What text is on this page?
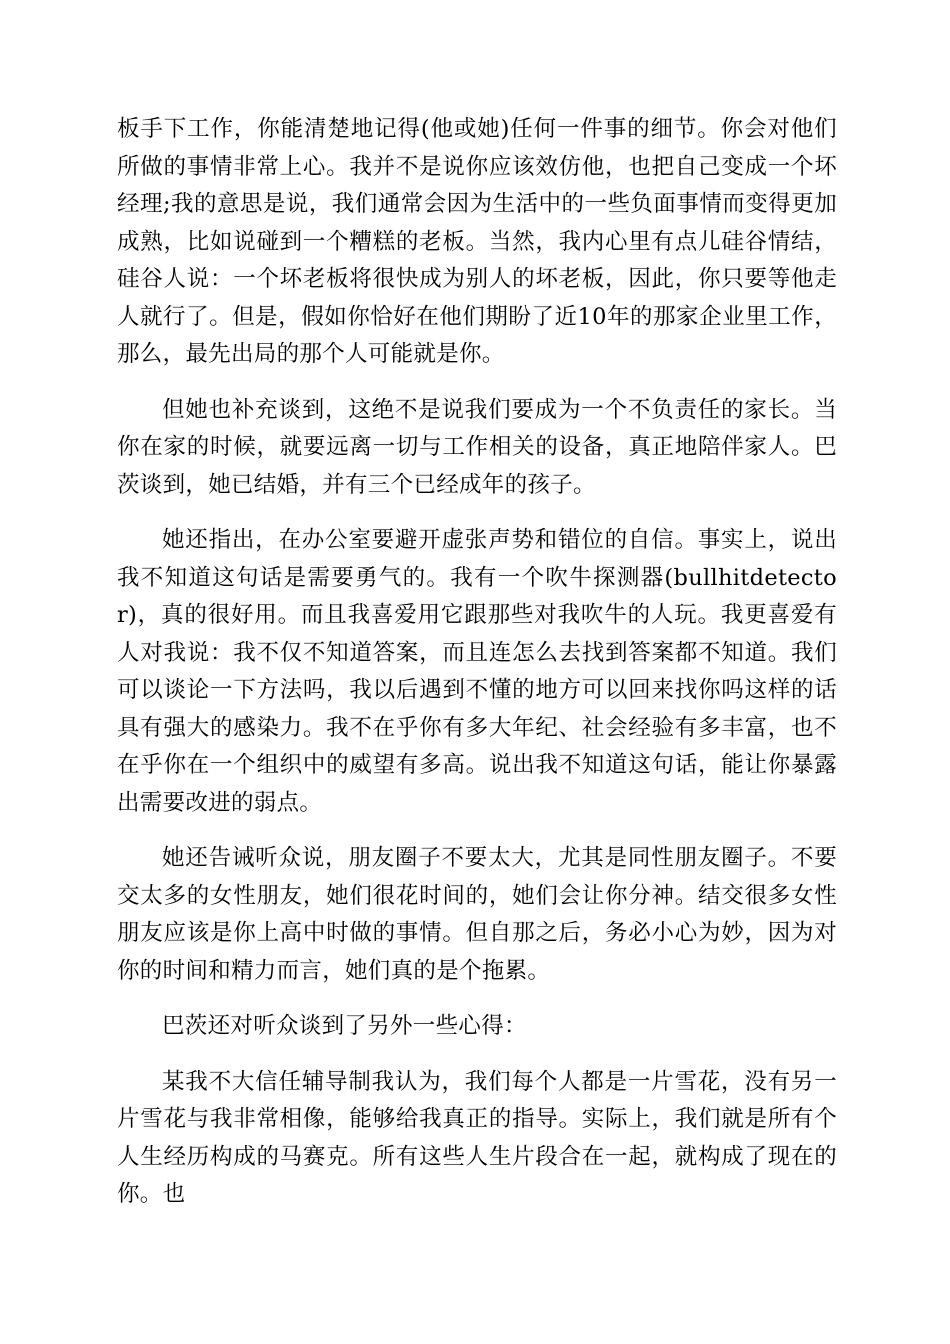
板手下工作，你能清楚地记得(他或她)任何一件事的细节。你会对他们所做的事情非常上心。我并不是说你应该效仿他，也把自己变成一个坏经理;我的意思是说，我们通常会因为生活中的一些负面事情而变得更加成熟，比如说碰到一个糟糕的老板。当然，我内心里有点儿硅谷情结，硅谷人说：一个坏老板将很快成为别人的坏老板，因此，你只要等他走人就行了。但是，假如你恰好在他们期盼了近10年的那家企业里工作，那么，最先出局的那个人可能就是你。

但她也补充谈到，这绝不是说我们要成为一个不负责任的家长。当你在家的时候，就要远离一切与工作相关的设备，真正地陪伴家人。巴茨谈到，她已结婚，并有三个已经成年的孩子。

她还指出，在办公室要避开虚张声势和错位的自信。事实上，说出我不知道这句话是需要勇气的。我有一个吹牛探测器(bullhitdetector)，真的很好用。而且我喜爱用它跟那些对我吹牛的人玩。我更喜爱有人对我说：我不仅不知道答案，而且连怎么去找到答案都不知道。我们可以谈论一下方法吗，我以后遇到不懂的地方可以回来找你吗这样的话具有强大的感染力。我不在乎你有多大年纪、社会经验有多丰富，也不在乎你在一个组织中的威望有多高。说出我不知道这句话，能让你暴露出需要改进的弱点。

她还告诫听众说，朋友圈子不要太大，尤其是同性朋友圈子。不要交太多的女性朋友，她们很花时间的，她们会让你分神。结交很多女性朋友应该是你上高中时做的事情。但自那之后，务必小心为妙，因为对你的时间和精力而言，她们真的是个拖累。

巴茨还对听众谈到了另外一些心得：

某我不大信任辅导制我认为，我们每个人都是一片雪花，没有另一片雪花与我非常相像，能够给我真正的指导。实际上，我们就是所有个人生经历构成的马赛克。所有这些人生片段合在一起，就构成了现在的你。也
